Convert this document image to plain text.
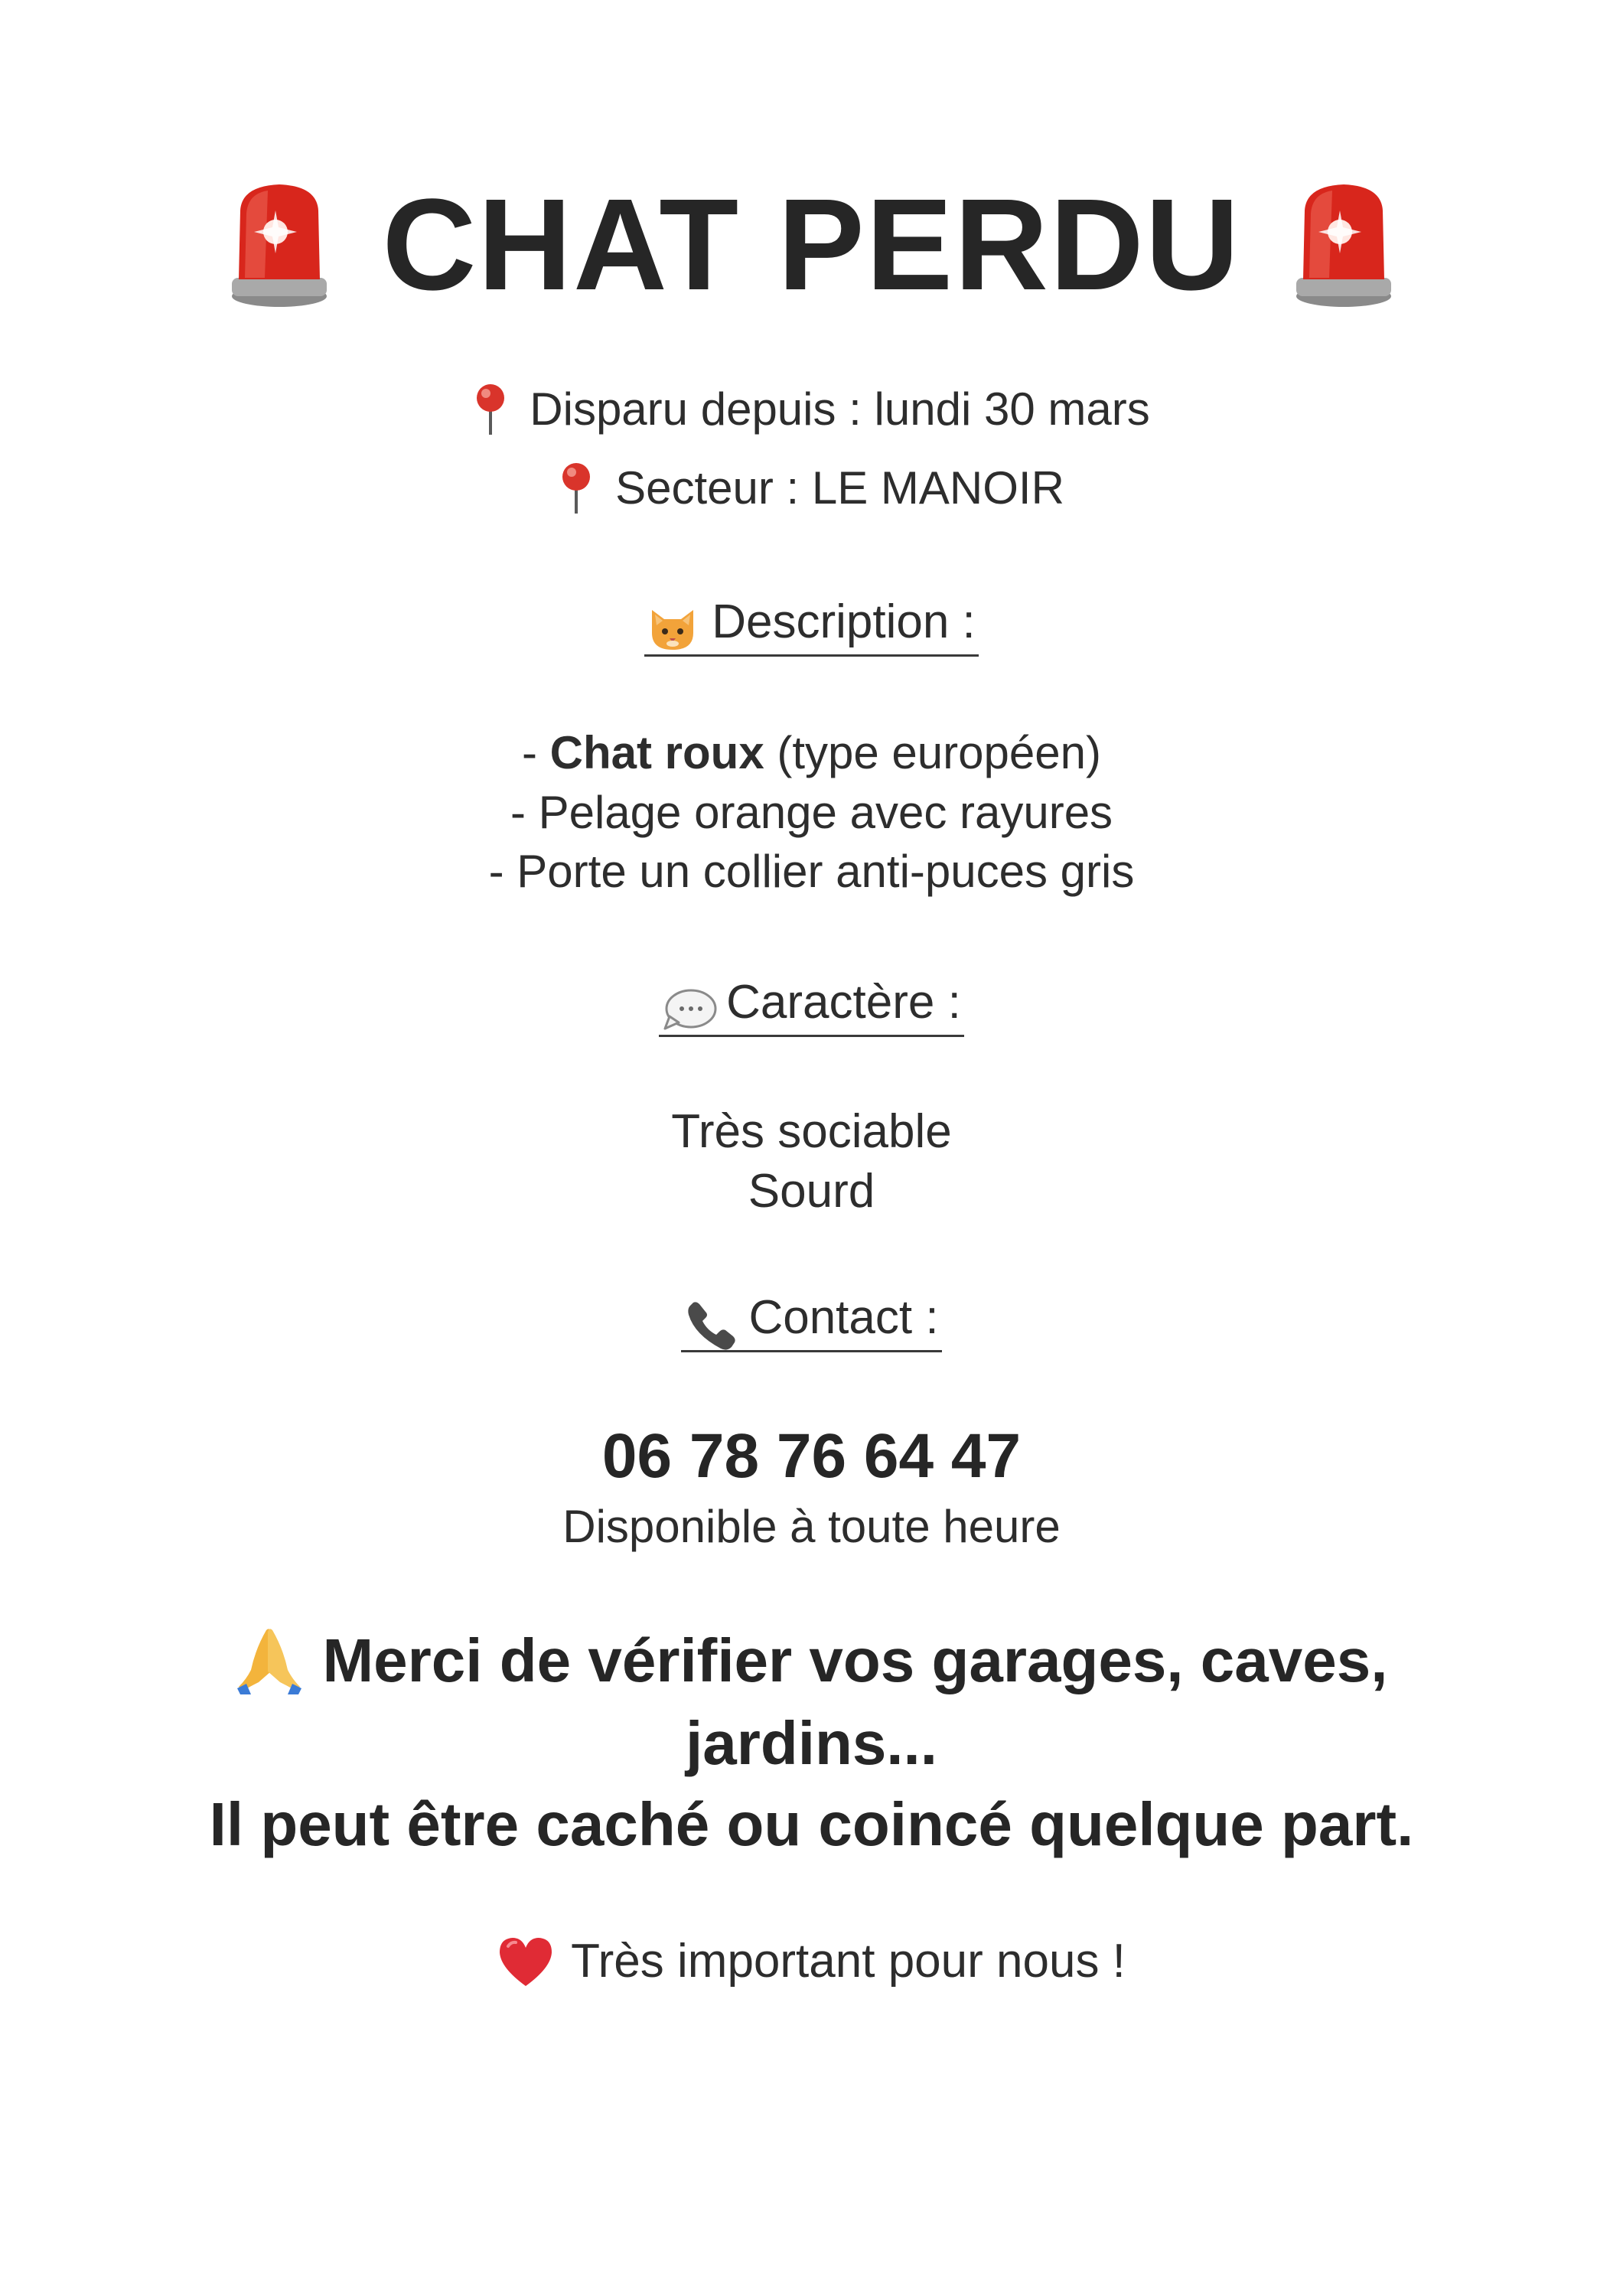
CHAT PERDU
Disparu depuis : lundi 30 mars
Secteur : LE MANOIR
Description :
- Chat roux (type européen)
- Pelage orange avec rayures
- Porte un collier anti-puces gris
Caractère :
Très sociable
Sourd
Contact :
06 78 76 64 47
Disponible à toute heure
Merci de vérifier vos garages, caves,
jardins...
Il peut être caché ou coincé quelque part.
Très important pour nous !
